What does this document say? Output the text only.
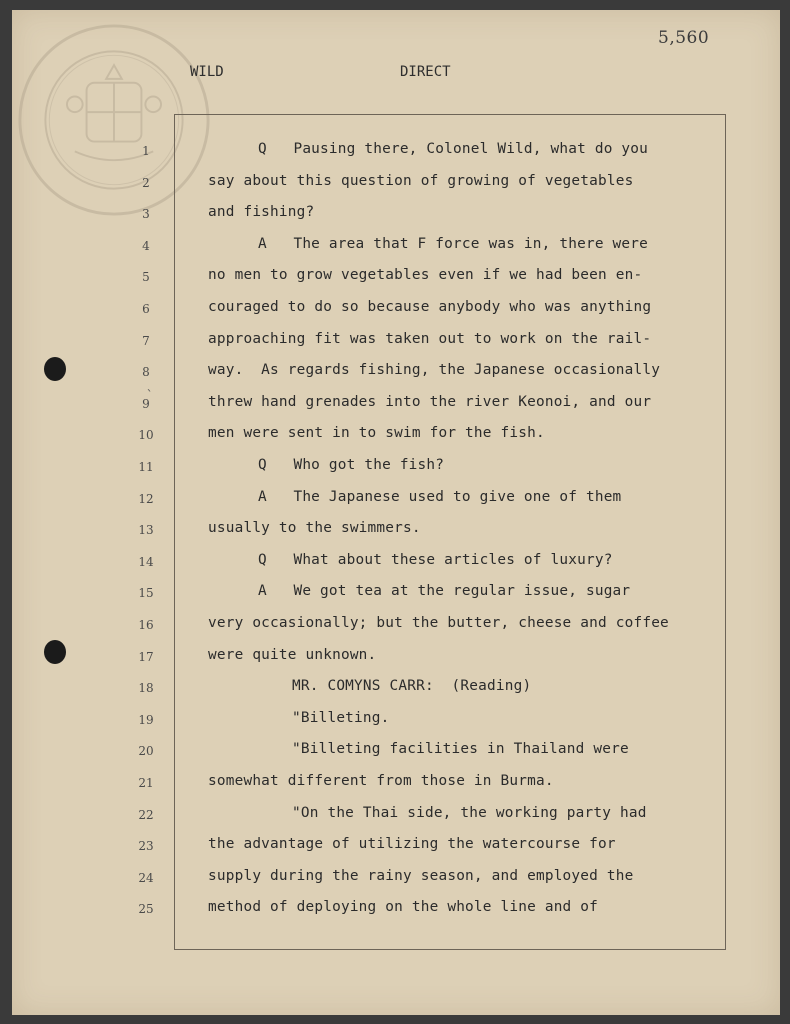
5,560
WILD	DIRECT
`
1	Q   Pausing there, Colonel Wild, what do you
2	say about this question of growing of vegetables
3	and fishing?
4	A   The area that F force was in, there were
5	no men to grow vegetables even if we had been en-
6	couraged to do so because anybody who was anything
7	approaching fit was taken out to work on the rail-
8	way.  As regards fishing, the Japanese occasionally
9	threw hand grenades into the river Keonoi, and our
10	men were sent in to swim for the fish.
11	Q   Who got the fish?
12	A   The Japanese used to give one of them
13	usually to the swimmers.
14	Q   What about these articles of luxury?
15	A   We got tea at the regular issue, sugar
16	very occasionally; but the butter, cheese and coffee
17	were quite unknown.
18	MR. COMYNS CARR:  (Reading)
19	"Billeting.
20	"Billeting facilities in Thailand were
21	somewhat different from those in Burma.
22	"On the Thai side, the working party had
23	the advantage of utilizing the watercourse for
24	supply during the rainy season, and employed the
25	method of deploying on the whole line and of
